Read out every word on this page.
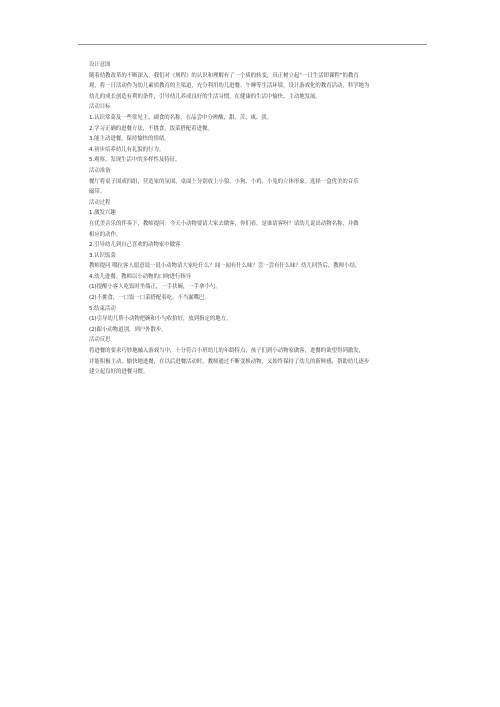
设计意图
随着幼教改革的不断深入，我们对《规程》的认识和理解有了一个质的转变，真正树立起“一日生活即课程”的教育
观，将一日活动作为幼儿素质教育的主渠道，充分利用幼儿进餐、午睡等生活环境，设计游戏化的教育活动，科学地为
幼儿的成长创造有利的条件，引导幼儿养成良好的生活习惯，在健康的生活中愉快、主动地发展。
活动目标
1.认识常菜及一些常见主、副食的名称，在品尝中分辨酸、甜、苦、咸、淡。
2.学习正确的进餐方法，不挑食，饭菜搭配着进餐。
3.能主动进餐，保持愉快的情绪。
4.初步培养幼儿有礼貌的行为。
5.观察、发现生活中的多样性及特征。
活动准备
餐厅将桌子围成四组，营造家的氛围，桌面上分别放上小狼、小狗、小鸡、小兔的立体形象。选择一盒优美的音乐
磁带。
活动过程
1.激发兴趣
在优美音乐的伴奏下，教师提问：今天小动物要请大家去做客，你们看，是谁请客呀？请幼儿说出动物名称，并做
相应的动作。
2.引导幼儿到自己喜欢的动物家中做客
3.认识饭菜
教师提问 哪位客人愿意说一说小动物请大家吃什么？闻一闻有什么味？尝一尝有什么味？幼儿回答后，教师小结。
4.幼儿进餐。教师以小动物的口吻进行指导
(1)提醒小客人吃饭时坐端正，一手扶碗，一手拿小勺。
(2)不挑食，一口饭一口菜搭配着吃，不当漏嘴巴。
5.结束活动
(1)引导幼儿帮小动物把碗和小勺收拾好，放到指定的地方。
(2)跟小动物道别，到户外散步。
活动反思
将进餐的要求巧妙地融入游戏当中，十分符合小班幼儿的年龄特点，孩子们到小动物家做客，进餐的欲望得到激发，
并能积极主动、愉快地进餐，在以后进餐活动时，教师通过不断变换动物，又始终保持了幼儿的新鲜感，帮助幼儿逐步
建立起良好的进餐习惯。
